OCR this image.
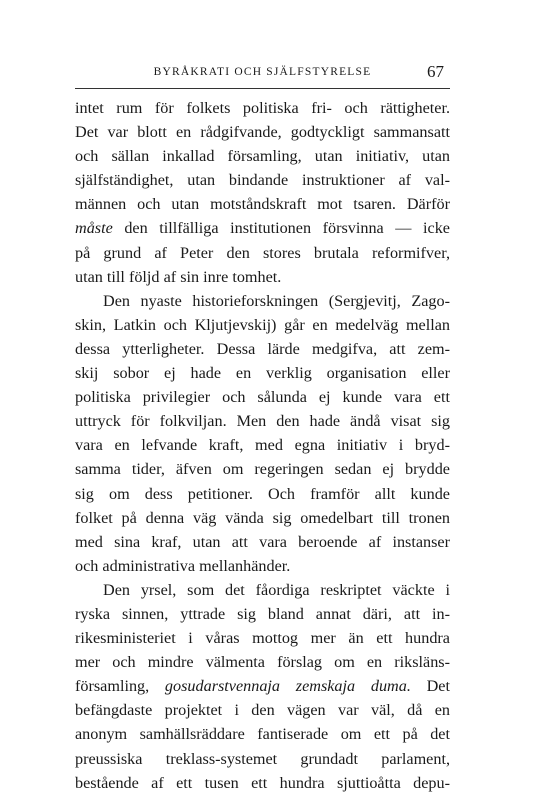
BYRÅKRATI OCH SJÄLFSTYRELSE	67
intet rum för folkets politiska fri- och rättigheter.
Det var blott en rådgifvande, godtyckligt sammansatt
och sällan inkallad församling, utan initiativ, utan
själfständighet, utan bindande instruktioner af val-
männen och utan motståndskraft mot tsaren. Därför
måste den tillfälliga institutionen försvinna — icke
på grund af Peter den stores brutala reformifver,
utan till följd af sin inre tomhet.
Den nyaste historieforskningen (Sergjevitj, Zago-
skin, Latkin och Kljutjevskij) går en medelväg mellan
dessa ytterligheter. Dessa lärde medgifva, att zem-
skij sobor ej hade en verklig organisation eller
politiska privilegier och sålunda ej kunde vara ett
uttryck för folkviljan. Men den hade ändå visat sig
vara en lefvande kraft, med egna initiativ i bryd-
samma tider, äfven om regeringen sedan ej brydde
sig om dess petitioner. Och framför allt kunde
folket på denna väg vända sig omedelbart till tronen
med sina kraf, utan att vara beroende af instanser
och administrativa mellanhänder.
Den yrsel, som det fåordiga reskriptet väckte i
ryska sinnen, yttrade sig bland annat däri, att in-
rikesministeriet i våras mottog mer än ett hundra
mer och mindre välmenta förslag om en riksläns-
församling, gosudarstvennaja zemskaja duma. Det
befängdaste projektet i den vägen var väl, då en
anonym samhällsräddare fantiserade om ett på det
preussiska treklass-systemet grundadt parlament,
bestående af ett tusen ett hundra sjuttioåtta depu-
